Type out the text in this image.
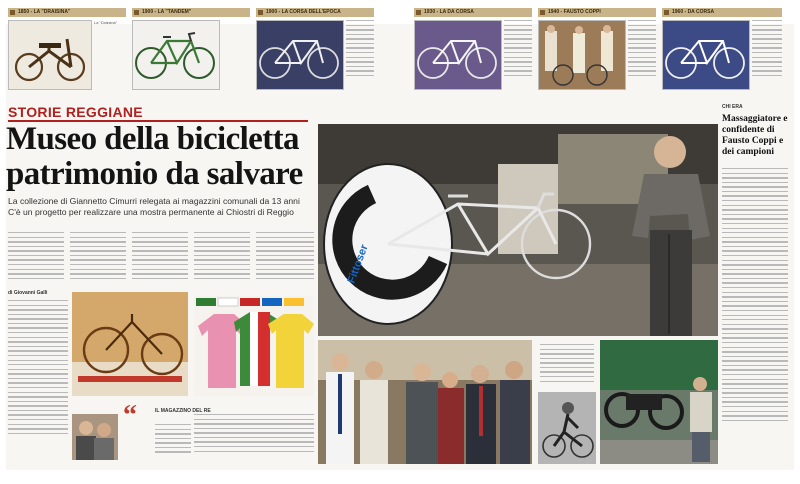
1850 - LA "DRAISINA"
La "Draisina"
1900 - LA "TANDEM"	1900 - LA CORSA DELL'EPOCA	1930 - LA DA CORSA	1940 - FAUSTO COPPI	1960 - DA CORSA
STORIE REGGIANE
Museo della bicicletta
patrimonio da salvare
La collezione di Giannetto Cimurri relegata ai magazzini comunali da 13 anni
C'è un progetto per realizzare una mostra permanente ai Chiostri di Reggio
di Giovanni Galli
“	IL MAGAZZINO DEL RE
Fittoser
CHI ERA
Massaggiatore e confidente di Fausto Coppi e dei campioni
